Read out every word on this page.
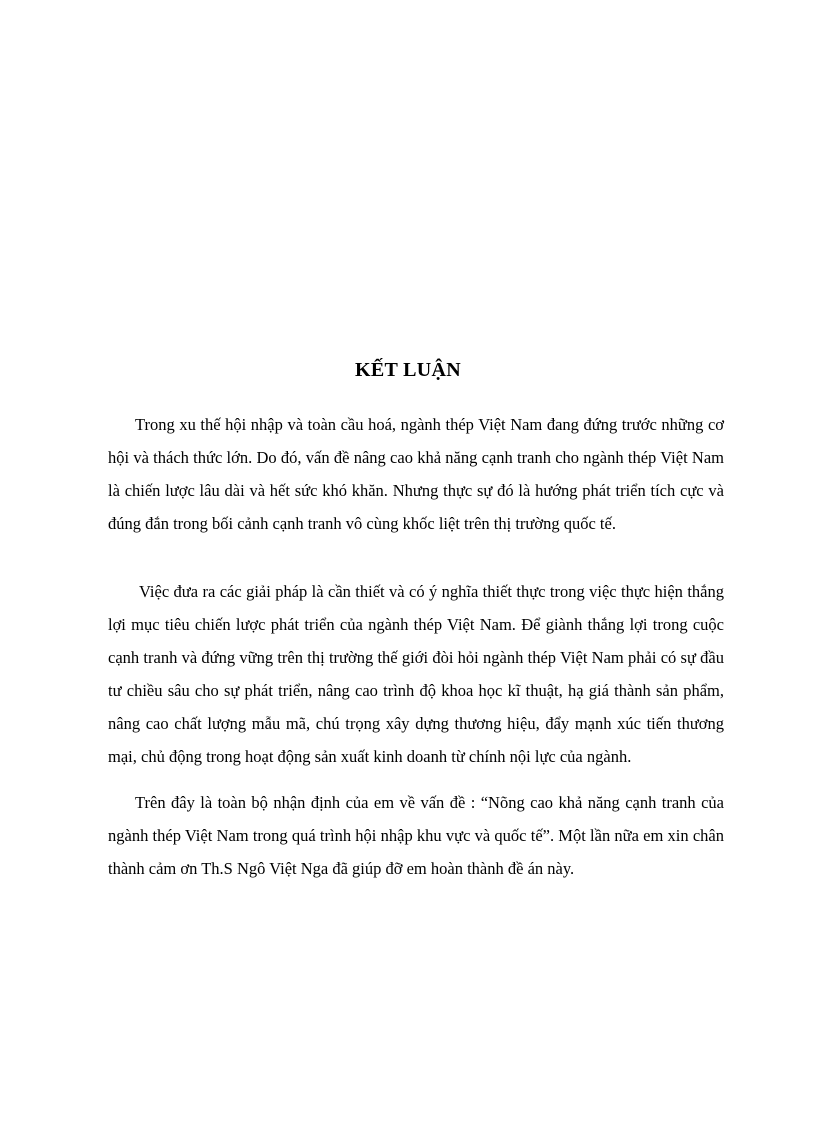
KẾT LUẬN

Trong xu thế hội nhập và toàn cầu hoá, ngành thép Việt Nam đang đứng trước những cơ hội và thách thức lớn. Do đó, vấn đề nâng cao khả năng cạnh tranh cho ngành thép Việt Nam là chiến lược lâu dài và hết sức khó khăn. Nhưng thực sự đó là hướng phát triển tích cực và đúng đắn trong bối cảnh cạnh tranh vô cùng khốc liệt trên thị trường quốc tế.

Việc đưa ra các giải pháp là cần thiết và có ý nghĩa thiết thực trong việc thực hiện thắng lợi mục tiêu chiến lược phát triển của ngành thép Việt Nam. Để giành thắng lợi trong cuộc cạnh tranh và đứng vững trên thị trường thế giới đòi hỏi ngành thép Việt Nam phải có sự đầu tư chiều sâu cho sự phát triển, nâng cao trình độ khoa học kĩ thuật, hạ giá thành sản phẩm, nâng cao chất lượng mẫu mã, chú trọng xây dựng thương hiệu, đẩy mạnh xúc tiến thương mại, chủ động trong hoạt động sản xuất kinh doanh từ chính nội lực của ngành.

Trên đây là toàn bộ nhận định của em về vấn đề : “Nõng cao khả năng cạnh tranh của ngành thép Việt Nam trong quá trình hội nhập khu vực và quốc tế”. Một lần nữa em xin chân thành cảm ơn Th.S Ngô Việt Nga đã giúp đỡ em hoàn thành đề án này.
